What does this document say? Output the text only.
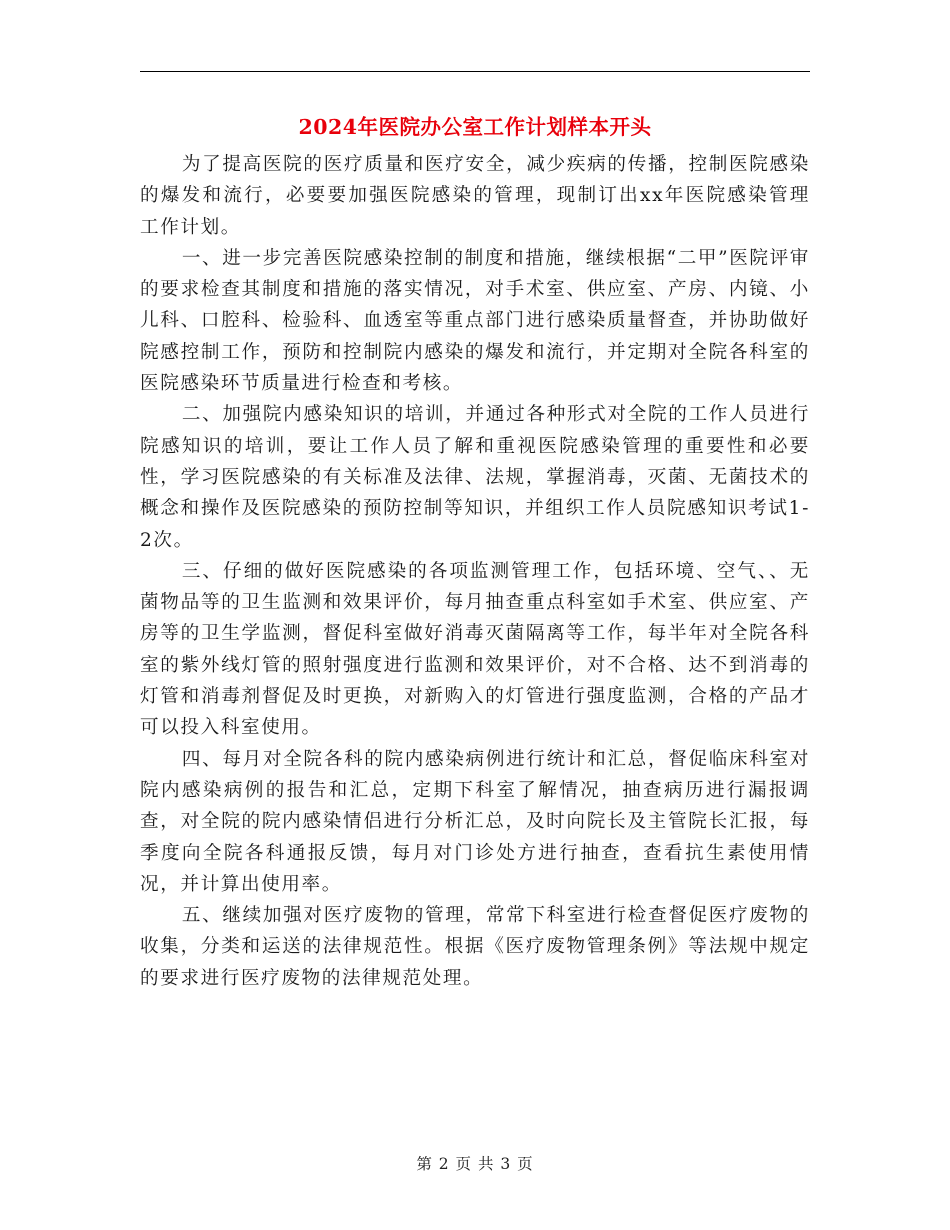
2024年医院办公室工作计划样本开头

为了提高医院的医疗质量和医疗安全，减少疾病的传播，控制医院感染的爆发和流行，必要要加强医院感染的管理，现制订出xx年医院感染管理工作计划。

一、进一步完善医院感染控制的制度和措施，继续根据“二甲”医院评审的要求检查其制度和措施的落实情况，对手术室、供应室、产房、内镜、小儿科、口腔科、检验科、血透室等重点部门进行感染质量督查，并协助做好院感控制工作，预防和控制院内感染的爆发和流行，并定期对全院各科室的医院感染环节质量进行检查和考核。

二、加强院内感染知识的培训，并通过各种形式对全院的工作人员进行院感知识的培训，要让工作人员了解和重视医院感染管理的重要性和必要性，学习医院感染的有关标准及法律、法规，掌握消毒，灭菌、无菌技术的概念和操作及医院感染的预防控制等知识，并组织工作人员院感知识考试1-2次。

三、仔细的做好医院感染的各项监测管理工作，包括环境、空气、、无菌物品等的卫生监测和效果评价，每月抽查重点科室如手术室、供应室、产房等的卫生学监测，督促科室做好消毒灭菌隔离等工作，每半年对全院各科室的紫外线灯管的照射强度进行监测和效果评价，对不合格、达不到消毒的灯管和消毒剂督促及时更换，对新购入的灯管进行强度监测，合格的产品才可以投入科室使用。

四、每月对全院各科的院内感染病例进行统计和汇总，督促临床科室对院内感染病例的报告和汇总，定期下科室了解情况，抽查病历进行漏报调查，对全院的院内感染情侣进行分析汇总，及时向院长及主管院长汇报，每季度向全院各科通报反馈，每月对门诊处方进行抽查，查看抗生素使用情况，并计算出使用率。

五、继续加强对医疗废物的管理，常常下科室进行检查督促医疗废物的收集，分类和运送的法律规范性。根据《医疗废物管理条例》等法规中规定的要求进行医疗废物的法律规范处理。

第 2 页 共 3 页
